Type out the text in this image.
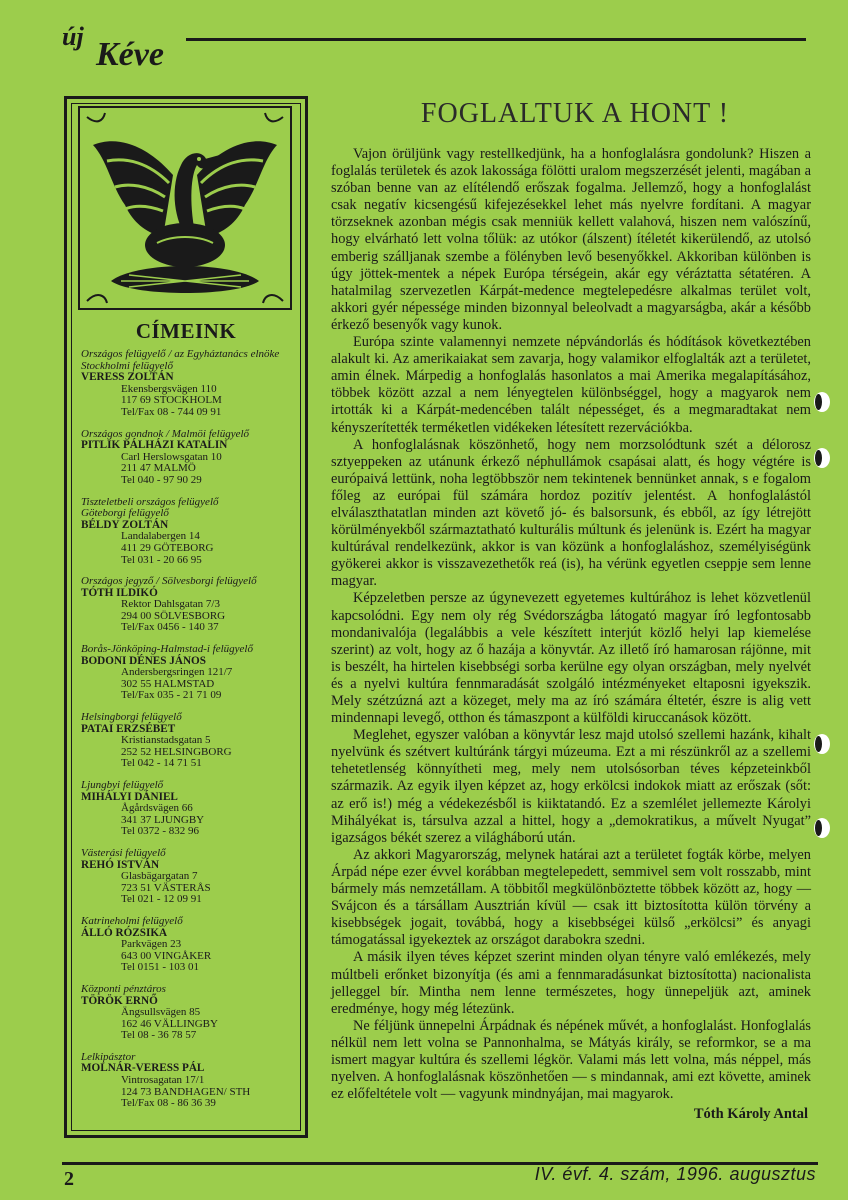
új Kéve
CÍMEINK
Országos felügyelő / az Egyháztanács elnöke
Stockholmi felügyelő
VERESS ZOLTÁN
Ekensbergsvägen 110
117 69 STOCKHOLM
Tel/Fax 08 - 744 09 91
Országos gondnok / Malmöi felügyelő
PITLIK PÁLHÁZI KATALIN
Carl Herslowsgatan 10
211 47 MALMÖ
Tel 040 - 97 90 29
Tiszteletbeli országos felügyelő
Göteborgi felügyelő
BÉLDY ZOLTÁN
Landalabergen 14
411 29 GÖTEBORG
Tel 031 - 20 66 95
Országos jegyző / Sölvesborgi felügyelő
TÓTH ILDIKÓ
Rektor Dahlsgatan 7/3
294 00 SÖLVESBORG
Tel/Fax 0456 - 140 37
Borås-Jönköping-Halmstad-i felügyelő
BODONI DÉNES JÁNOS
Andersbergsringen 121/7
302 55 HALMSTAD
Tel/Fax 035 - 21 71 09
Helsingborgi felügyelő
PATAI ERZSÉBET
Kristianstadsgatan 5
252 52 HELSINGBORG
Tel 042 - 14 71 51
Ljungbyi felügyelő
MIHÁLYI DÁNIEL
Ågårdsvägen 66
341 37 LJUNGBY
Tel 0372 - 832 96
Västerási felügyelő
REHÓ ISTVÁN
Glasbägargatan 7
723 51 VÄSTERÅS
Tel 021 - 12 09 91
Katrineholmi felügyelő
ÁLLÓ RÓZSIKA
Parkvägen 23
643 00 VINGÅKER
Tel 0151 - 103 01
Központi pénztáros
TÖRÖK ERNŐ
Ängsullsvägen 85
162 46 VÄLLINGBY
Tel 08 - 36 78 57
Lelkipásztor
MOLNÁR-VERESS PÁL
Vintrosagatan 17/1
124 73 BANDHAGEN/ STH
Tel/Fax 08 - 86 36 39
FOGLALTUK A HONT !

Vajon örüljünk vagy restellkedjünk, ha a honfoglalásra gondolunk? Hiszen a foglalás területek és azok lakossága fölötti uralom megszerzését jelenti, magában a szóban benne van az elítélendő erőszak fogalma. Jellemző, hogy a honfoglalást csak negatív kicsengésű kifejezésekkel lehet más nyelvre fordítani. A magyar törzseknek azonban mégis csak menniük kellett valahová, hiszen nem valószínű, hogy elvárható lett volna tőlük: az utókor (álszent) ítéletét kikerülendő, az utolsó emberig szálljanak szembe a fölényben levő besenyőkkel. Akkoriban különben is úgy jöttek-mentek a népek Európa térségein, akár egy véráztatta sétatéren. A hatalmilag szervezetlen Kárpát-medence megtelepedésre alkalmas terület volt, akkori gyér népessége minden bizonnyal beleolvadt a magyarságba, akár a később érkező besenyők vagy kunok.

Európa szinte valamennyi nemzete népvándorlás és hódítások következtében alakult ki. Az amerikaiakat sem zavarja, hogy valamikor elfoglalták azt a területet, amin élnek. Márpedig a honfoglalás hasonlatos a mai Amerika megalapításához, többek között azzal a nem lényegtelen különbséggel, hogy a magyarok nem irtották ki a Kárpát-medencében talált népességet, és a megmaradtakat nem kényszerítették terméketlen vidékeken létesített rezervációkba.

A honfoglalásnak köszönhető, hogy nem morzsolódtunk szét a délorosz sztyeppeken az utánunk érkező néphullámok csapásai alatt, és hogy végtére is európaivá lettünk, noha legtöbbször nem tekintenek bennünket annak, s e fogalom főleg az európai fül számára hordoz pozitív jelentést. A honfoglalástól elválaszthatatlan minden azt követő jó- és balsorsunk, és ebből, az így létrejött körülményekből származtatható kulturális múltunk és jelenünk is. Ezért ha magyar kultúrával rendelkezünk, akkor is van közünk a honfoglaláshoz, személyiségünk gyökerei akkor is visszavezethetők reá (is), ha vérünk egyetlen cseppje sem lenne magyar.

Képzeletben persze az úgynevezett egyetemes kultúrához is lehet közvetlenül kapcsolódni. Egy nem oly rég Svédországba látogató magyar író legfontosabb mondanivalója (legalábbis a vele készített interjút közlő helyi lap kiemelése szerint) az volt, hogy az ő hazája a könyvtár. Az illető író hamarosan rájönne, mit is beszélt, ha hirtelen kisebbségi sorba kerülne egy olyan országban, mely nyelvét és a nyelvi kultúra fennmaradását szolgáló intézményeket eltaposni igyekszik. Mely szétzúzná azt a közeget, mely ma az író számára éltetér, észre is alig vett mindennapi levegő, otthon és támaszpont a külföldi kiruccanások között.

Meglehet, egyszer valóban a könyvtár lesz majd utolsó szellemi hazánk, kihalt nyelvünk és szétvert kultúránk tárgyi múzeuma. Ezt a mi részünkről az a szellemi tehetetlenség könnyítheti meg, mely nem utolsósorban téves képzeteinkből származik. Az egyik ilyen képzet az, hogy erkölcsi indokok miatt az erőszak (sőt: az erő is!) még a védekezésből is kiiktatandó. Ez a szemlélet jellemezte Károlyi Mihályékat is, társulva azzal a hittel, hogy a „demokratikus, a művelt Nyugat” igazságos békét szerez a világháború után.

Az akkori Magyarország, melynek határai azt a területet fogták körbe, melyen Árpád népe ezer évvel korábban megtelepedett, semmivel sem volt rosszabb, mint bármely más nemzetállam. A többitől megkülönböztette többek között az, hogy — Svájcon és a társállam Ausztrián kívül — csak itt biztosította külön törvény a kisebbségek jogait, továbbá, hogy a kisebbségei külső „erkölcsi” és anyagi támogatással igyekeztek az országot darabokra szedni.

A másik ilyen téves képzet szerint minden olyan tényre való emlékezés, mely múltbeli erőnket bizonyítja (és ami a fennmaradásunkat biztosította) nacionalista jelleggel bír. Mintha nem lenne természetes, hogy ünnepeljük azt, aminek eredménye, hogy még létezünk.

Ne féljünk ünnepelni Árpádnak és népének művét, a honfoglalást. Honfoglalás nélkül nem lett volna se Pannonhalma, se Mátyás király, se reformkor, se a ma ismert magyar kultúra és szellemi légkör. Valami más lett volna, más néppel, más nyelven. A honfoglalásnak köszönhetően — s mindannak, ami ezt követte, aminek ez előfeltétele volt — vagyunk mindnyájan, mai magyarok.

Tóth Károly Antal
2	IV. évf. 4. szám, 1996. augusztus
